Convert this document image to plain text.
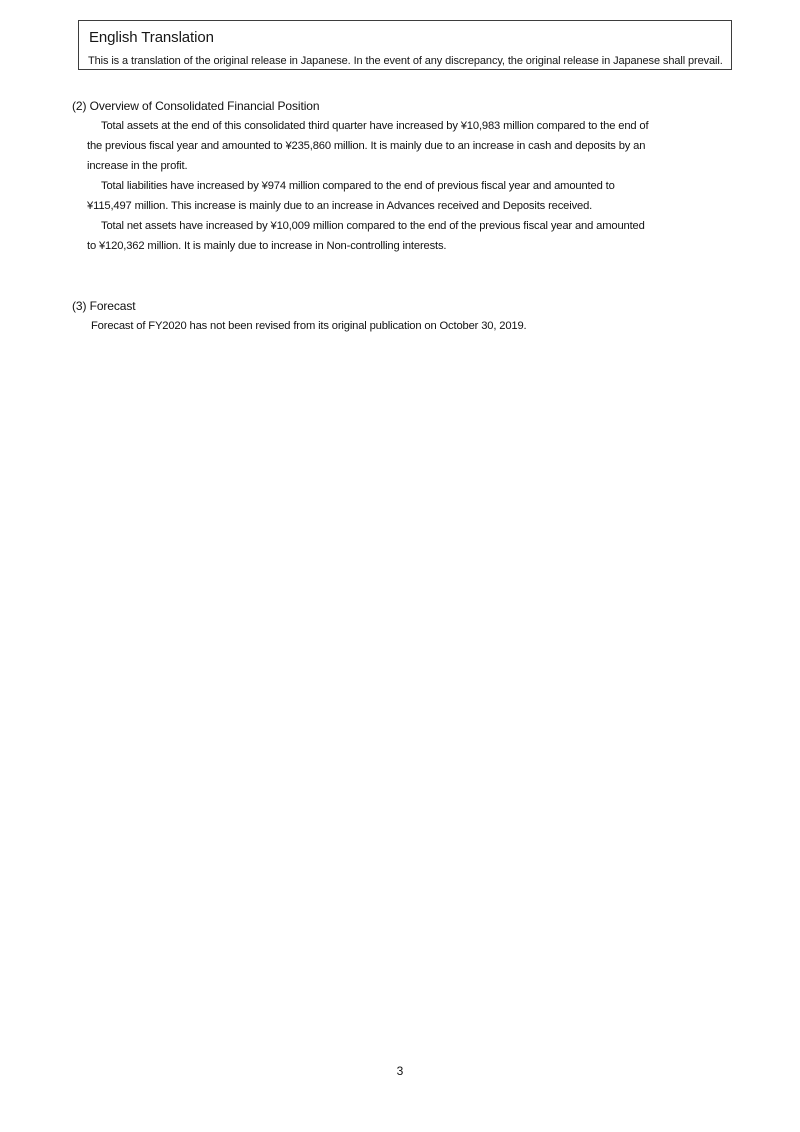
English Translation
This is a translation of the original release in Japanese. In the event of any discrepancy, the original release in Japanese shall prevail.
(2) Overview of Consolidated Financial Position
Total assets at the end of this consolidated third quarter have increased by ¥10,983 million compared to the end of
the previous fiscal year and amounted to ¥235,860 million. It is mainly due to an increase in cash and deposits by an
increase in the profit.
Total liabilities have increased by ¥974 million compared to the end of previous fiscal year and amounted to
¥115,497 million. This increase is mainly due to an increase in Advances received and Deposits received.
Total net assets have increased by ¥10,009 million compared to the end of the previous fiscal year and amounted
to ¥120,362 million. It is mainly due to increase in Non-controlling interests.
(3) Forecast
Forecast of FY2020 has not been revised from its original publication on October 30, 2019.
3
